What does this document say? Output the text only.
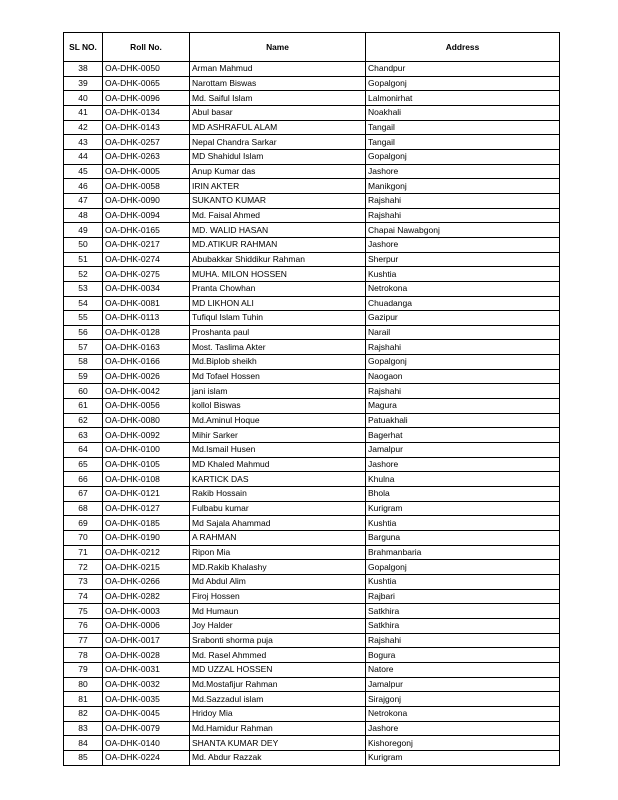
SL NO.	Roll No.	Name	Address
38	OA-DHK-0050	Arman Mahmud	Chandpur
39	OA-DHK-0065	Narottam Biswas	Gopalgonj
40	OA-DHK-0096	Md. Saiful Islam	Lalmonirhat
41	OA-DHK-0134	Abul basar	Noakhali
42	OA-DHK-0143	MD ASHRAFUL ALAM	Tangail
43	OA-DHK-0257	Nepal Chandra Sarkar	Tangail
44	OA-DHK-0263	MD Shahidul Islam	Gopalgonj
45	OA-DHK-0005	Anup Kumar das	Jashore
46	OA-DHK-0058	IRIN AKTER	Manikgonj
47	OA-DHK-0090	SUKANTO KUMAR	Rajshahi
48	OA-DHK-0094	Md. Faisal Ahmed	Rajshahi
49	OA-DHK-0165	MD. WALID HASAN	Chapai Nawabgonj
50	OA-DHK-0217	MD.ATIKUR RAHMAN	Jashore
51	OA-DHK-0274	Abubakkar Shiddikur Rahman	Sherpur
52	OA-DHK-0275	MUHA. MILON HOSSEN	Kushtia
53	OA-DHK-0034	Pranta Chowhan	Netrokona
54	OA-DHK-0081	MD LIKHON ALI	Chuadanga
55	OA-DHK-0113	Tufiqul Islam Tuhin	Gazipur
56	OA-DHK-0128	Proshanta paul	Narail
57	OA-DHK-0163	Most. Taslima Akter	Rajshahi
58	OA-DHK-0166	Md.Biplob sheikh	Gopalgonj
59	OA-DHK-0026	Md Tofael Hossen	Naogaon
60	OA-DHK-0042	jani islam	Rajshahi
61	OA-DHK-0056	kollol Biswas	Magura
62	OA-DHK-0080	Md.Aminul Hoque	Patuakhali
63	OA-DHK-0092	Mihir Sarker	Bagerhat
64	OA-DHK-0100	Md.Ismail Husen	Jamalpur
65	OA-DHK-0105	MD Khaled Mahmud	Jashore
66	OA-DHK-0108	KARTICK DAS	Khulna
67	OA-DHK-0121	Rakib Hossain	Bhola
68	OA-DHK-0127	Fulbabu kumar	Kurigram
69	OA-DHK-0185	Md Sajala Ahammad	Kushtia
70	OA-DHK-0190	A RAHMAN	Barguna
71	OA-DHK-0212	Ripon Mia	Brahmanbaria
72	OA-DHK-0215	MD.Rakib Khalashy	Gopalgonj
73	OA-DHK-0266	Md Abdul Alim	Kushtia
74	OA-DHK-0282	Firoj Hossen	Rajbari
75	OA-DHK-0003	Md Humaun	Satkhira
76	OA-DHK-0006	Joy Halder	Satkhira
77	OA-DHK-0017	Srabonti shorma puja	Rajshahi
78	OA-DHK-0028	Md. Rasel Ahmmed	Bogura
79	OA-DHK-0031	MD UZZAL HOSSEN	Natore
80	OA-DHK-0032	Md.Mostafijur Rahman	Jamalpur
81	OA-DHK-0035	Md.Sazzadul islam	Sirajgonj
82	OA-DHK-0045	Hridoy Mia	Netrokona
83	OA-DHK-0079	Md.Hamidur Rahman	Jashore
84	OA-DHK-0140	SHANTA KUMAR DEY	Kishoregonj
85	OA-DHK-0224	Md. Abdur Razzak	Kurigram
